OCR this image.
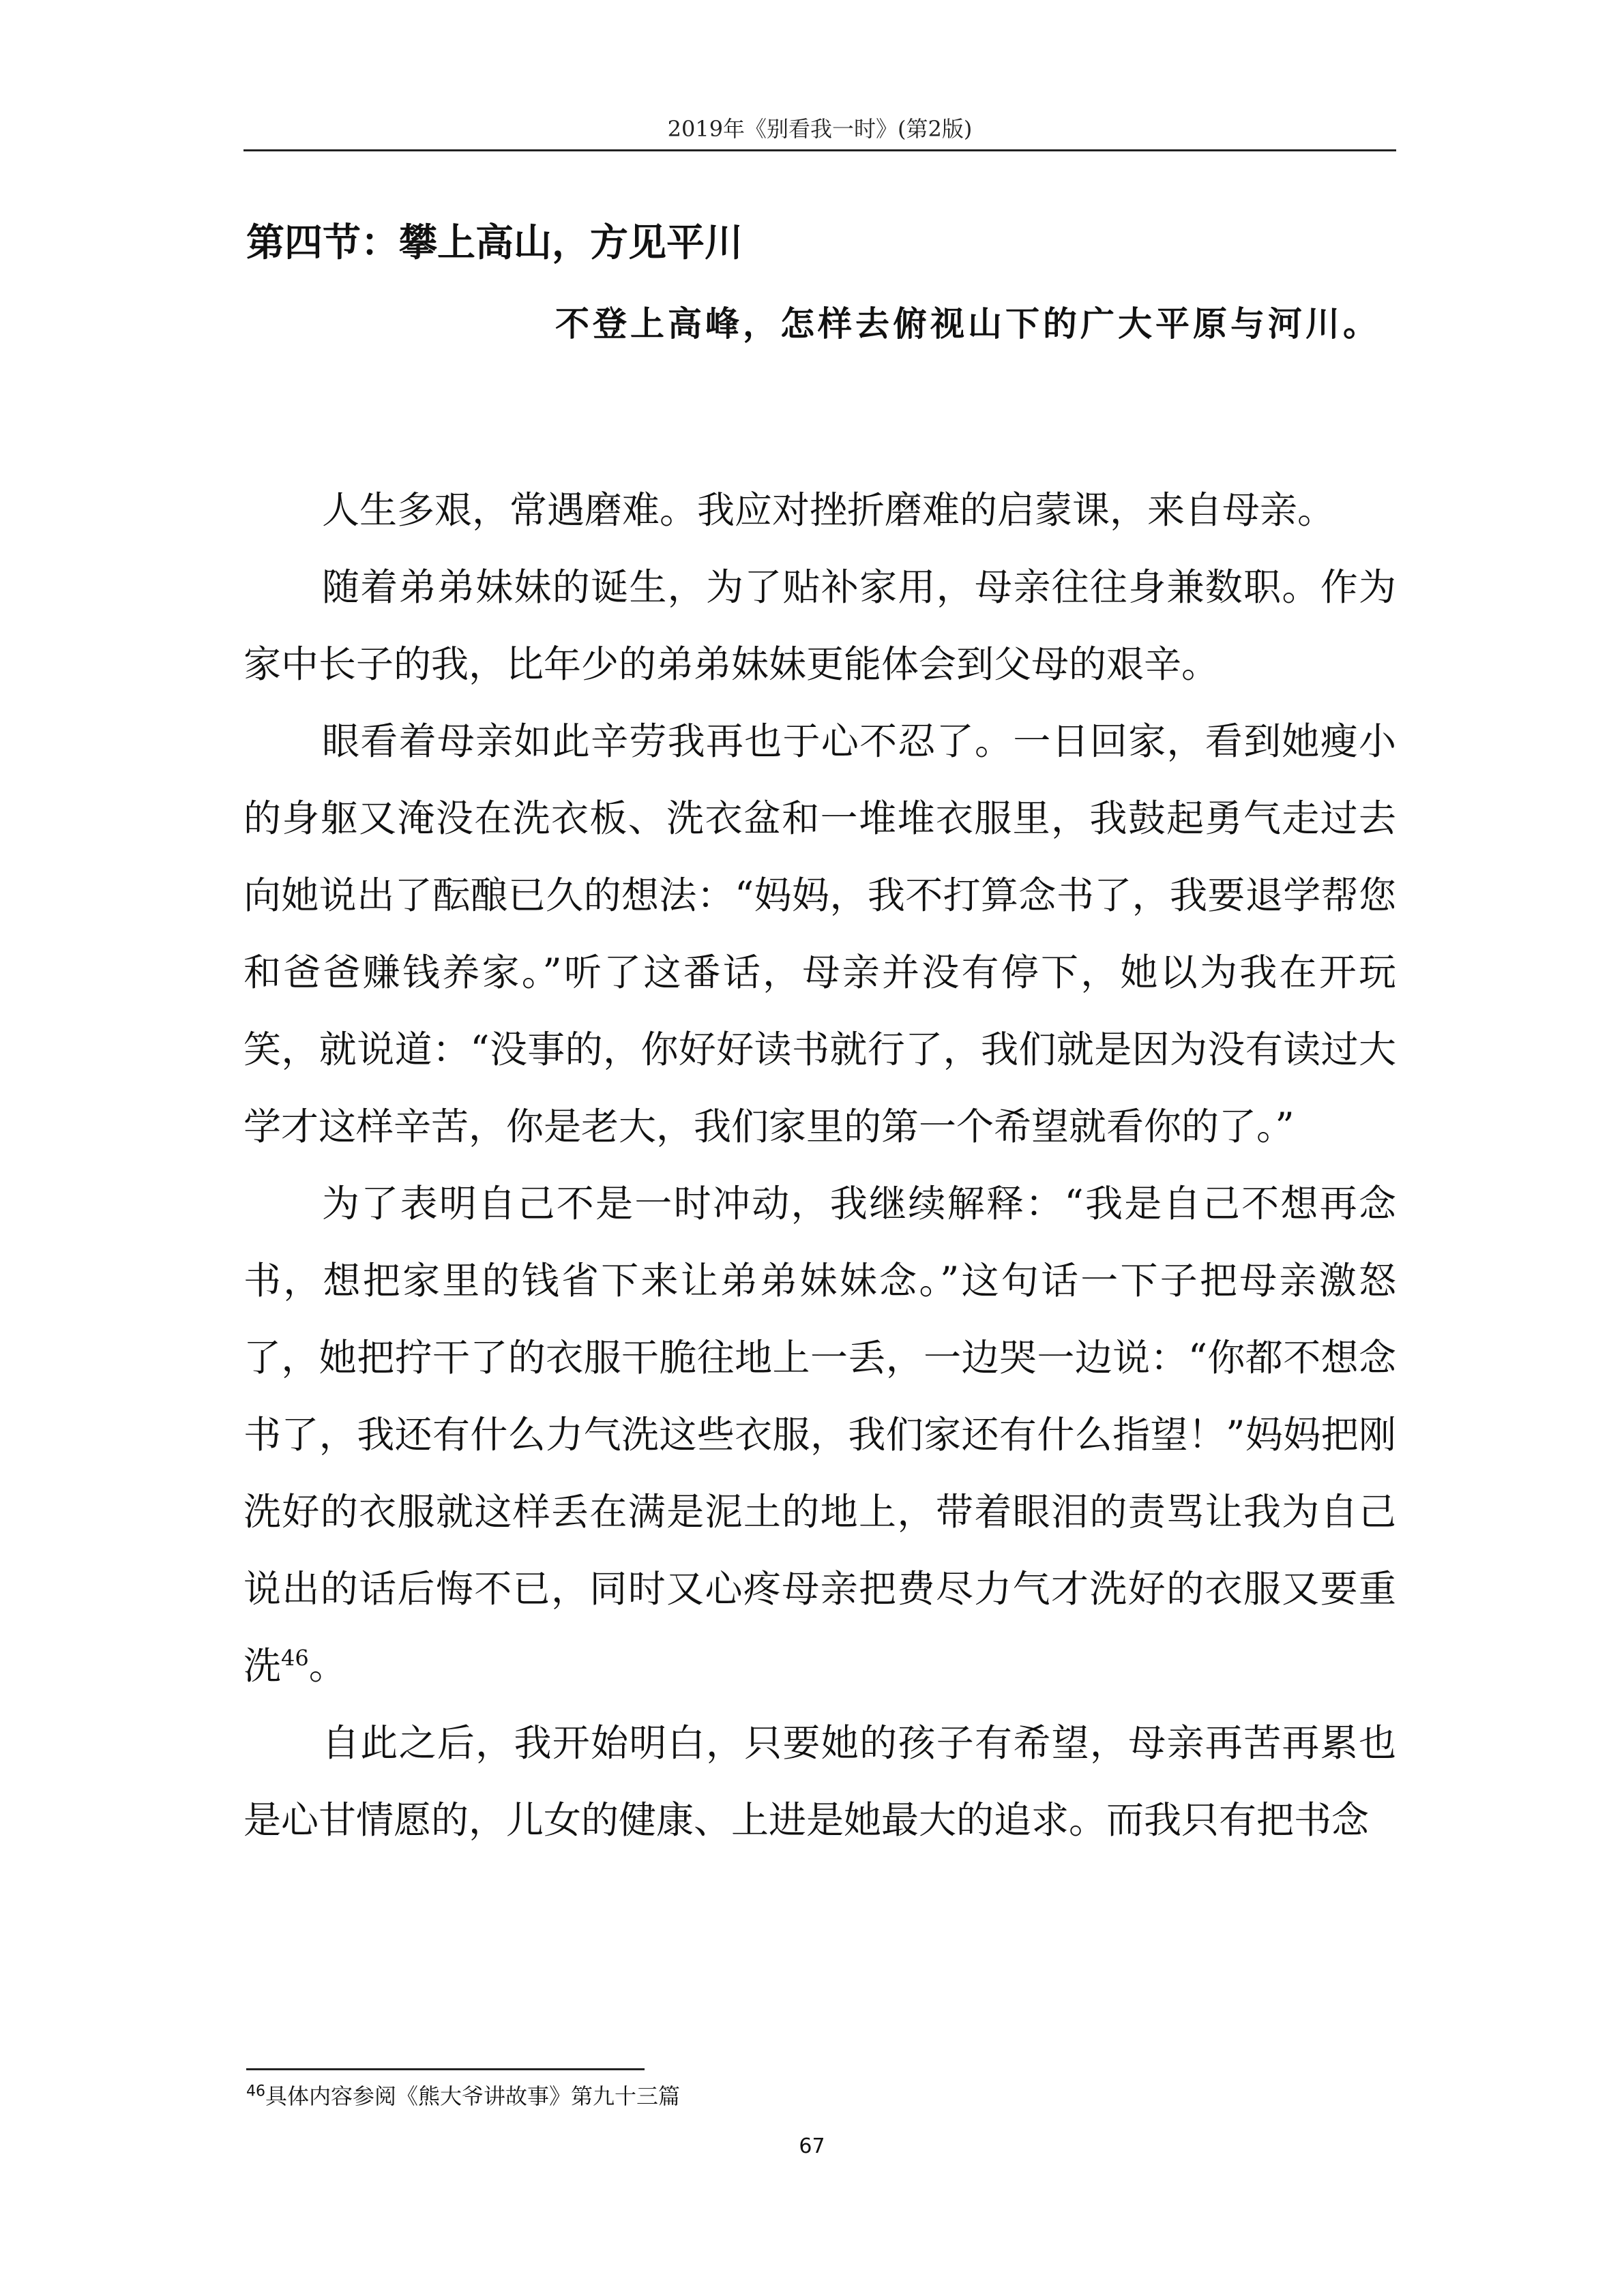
2019年《别看我一时》(第2版)
第四节：攀上高山，方见平川
不登上高峰，怎样去俯视山下的广大平原与河川。

人生多艰，常遇磨难。我应对挫折磨难的启蒙课，来自母亲。

随着弟弟妹妹的诞生，为了贴补家用，母亲往往身兼数职。作为家中长子的我，比年少的弟弟妹妹更能体会到父母的艰辛。

眼看着母亲如此辛劳我再也于心不忍了。一日回家，看到她瘦小的身躯又淹没在洗衣板、洗衣盆和一堆堆衣服里，我鼓起勇气走过去向她说出了酝酿已久的想法：“妈妈，我不打算念书了，我要退学帮您和爸爸赚钱养家。”听了这番话，母亲并没有停下，她以为我在开玩笑，就说道：“没事的，你好好读书就行了，我们就是因为没有读过大学才这样辛苦，你是老大，我们家里的第一个希望就看你的了。”

为了表明自己不是一时冲动，我继续解释：“我是自己不想再念书，想把家里的钱省下来让弟弟妹妹念。”这句话一下子把母亲激怒了，她把拧干了的衣服干脆往地上一丢，一边哭一边说：“你都不想念书了，我还有什么力气洗这些衣服，我们家还有什么指望！”妈妈把刚洗好的衣服就这样丢在满是泥土的地上，带着眼泪的责骂让我为自己说出的话后悔不已，同时又心疼母亲把费尽力气才洗好的衣服又要重洗$^{46}$。

自此之后，我开始明白，只要她的孩子有希望，母亲再苦再累也是心甘情愿的，儿女的健康、上进是她最大的追求。而我只有把书念

$^{46}$具体内容参阅《熊大爷讲故事》第九十三篇
67
